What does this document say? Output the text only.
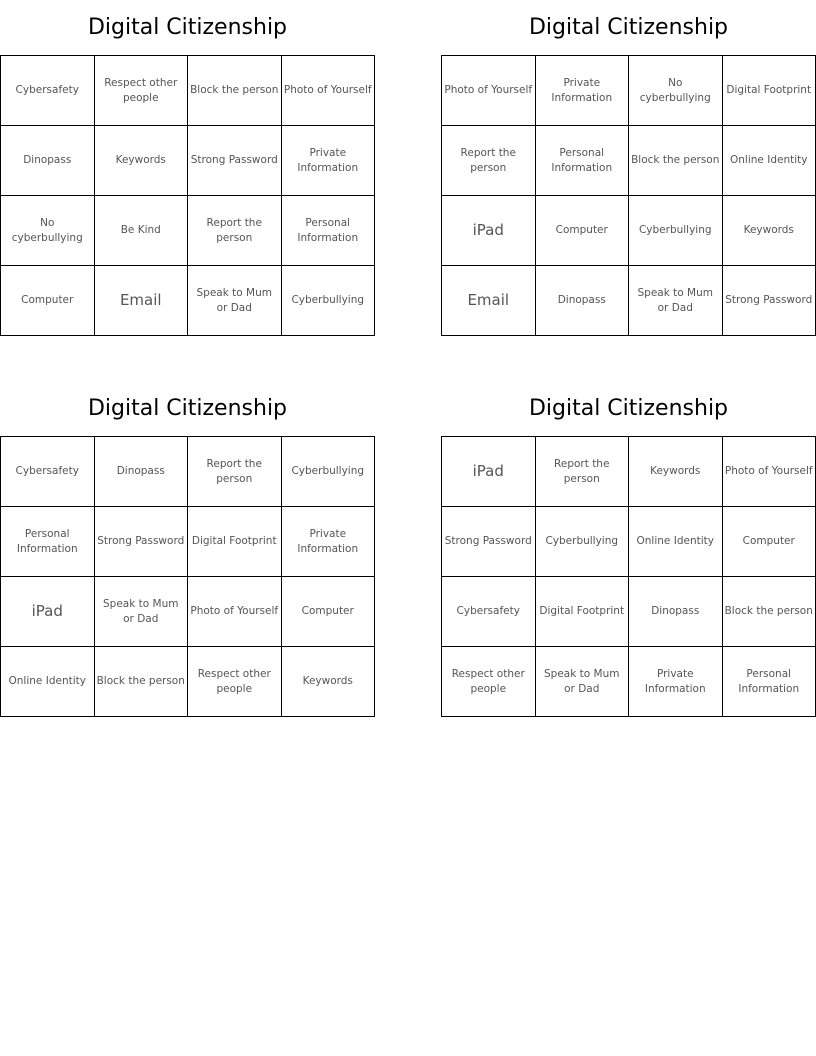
Digital Citizenship
Cybersafety	Respect other people	Block the person	Photo of Yourself
Dinopass	Keywords	Strong Password	Private Information
No cyberbullying	Be Kind	Report the person	Personal Information
Computer	Email	Speak to Mum or Dad	Cyberbullying
Digital Citizenship
Photo of Yourself	Private Information	No cyberbullying	Digital Footprint
Report the person	Personal Information	Block the person	Online Identity
iPad	Computer	Cyberbullying	Keywords
Email	Dinopass	Speak to Mum or Dad	Strong Password
Digital Citizenship
Cybersafety	Dinopass	Report the person	Cyberbullying
Personal Information	Strong Password	Digital Footprint	Private Information
iPad	Speak to Mum or Dad	Photo of Yourself	Computer
Online Identity	Block the person	Respect other people	Keywords
Digital Citizenship
iPad	Report the person	Keywords	Photo of Yourself
Strong Password	Cyberbullying	Online Identity	Computer
Cybersafety	Digital Footprint	Dinopass	Block the person
Respect other people	Speak to Mum or Dad	Private Information	Personal Information
